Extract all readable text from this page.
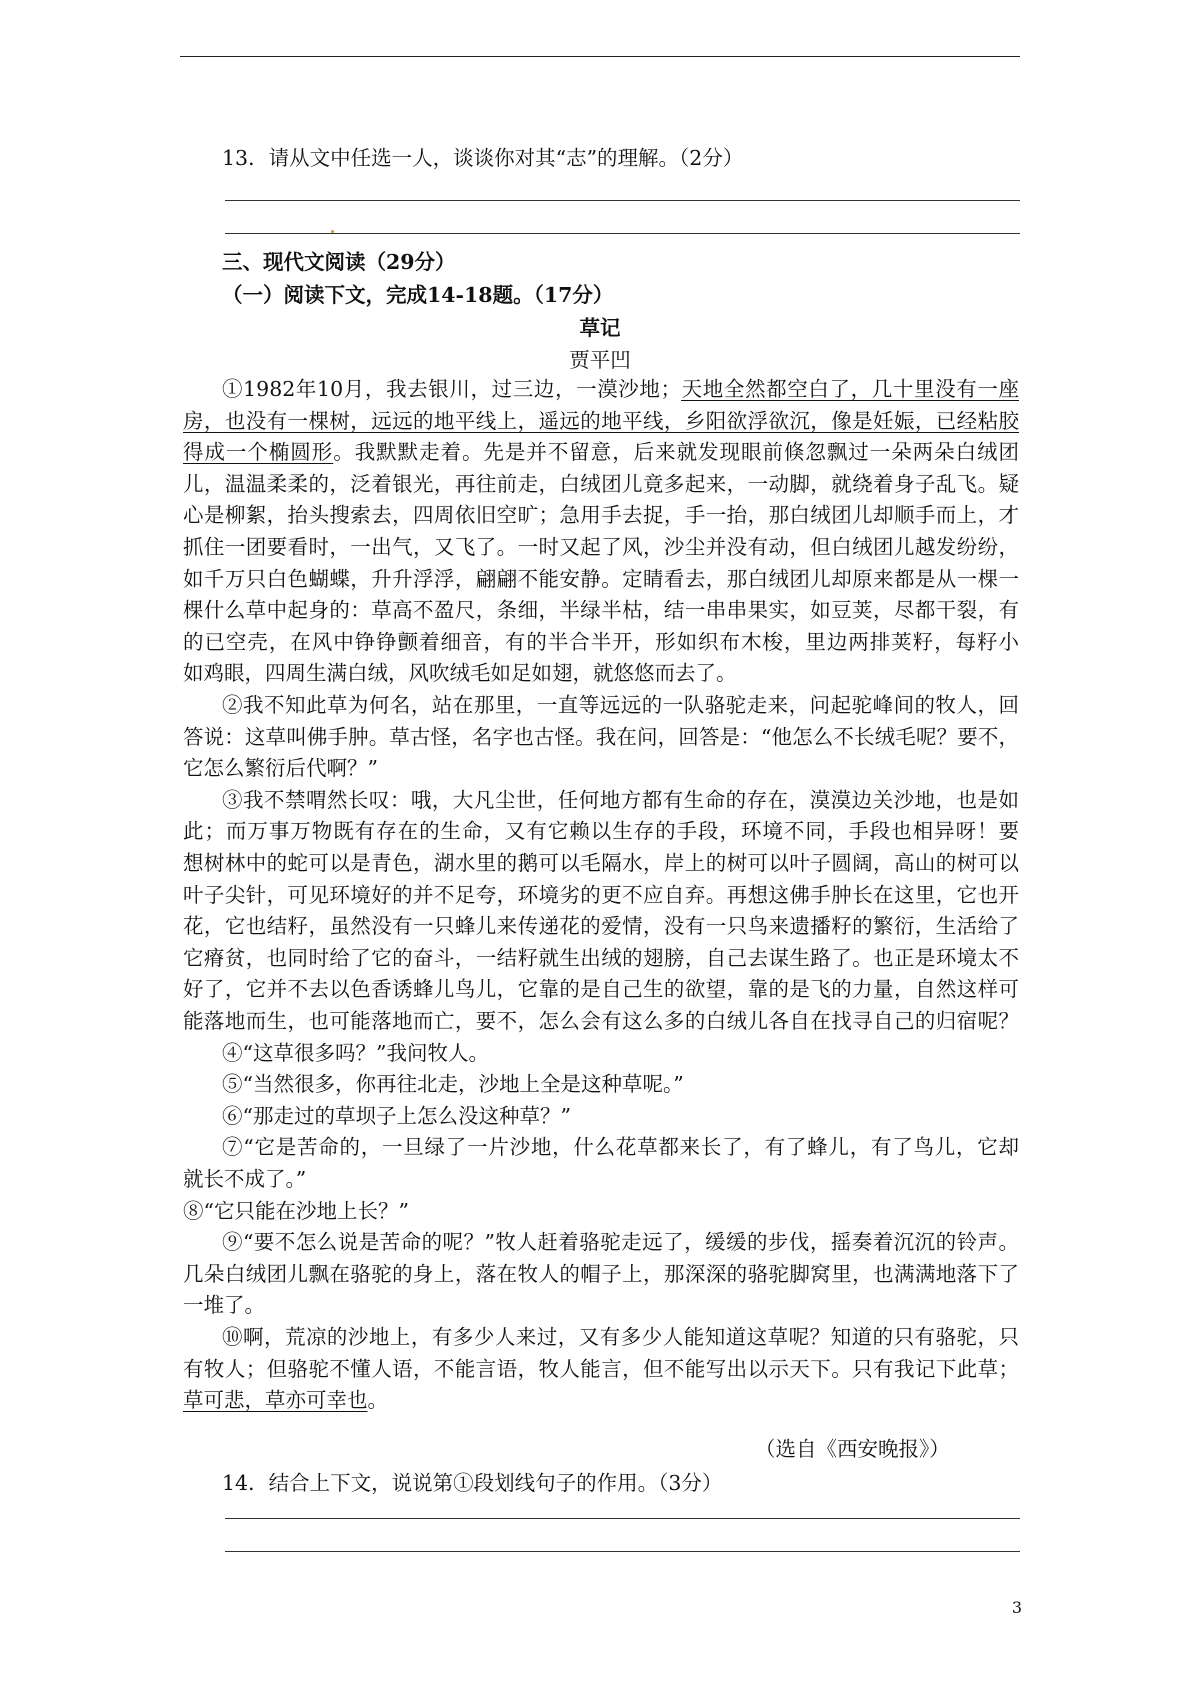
13．请从文中任选一人，谈谈你对其“志”的理解。（2分）
三、现代文阅读（29分）
（一）阅读下文，完成14-18题。（17分）
草记
贾平凹
①1982年10月，我去银川，过三边，一漠沙地；天地全然都空白了，几十里没有一座
房，也没有一棵树，远远的地平线上，遥远的地平线，乡阳欲浮欲沉，像是妊娠，已经粘胶
得成一个椭圆形。我默默走着。先是并不留意，后来就发现眼前倏忽飘过一朵两朵白绒团
儿，温温柔柔的，泛着银光，再往前走，白绒团儿竟多起来，一动脚，就绕着身子乱飞。疑
心是柳絮，抬头搜索去，四周依旧空旷；急用手去捉，手一抬，那白绒团儿却顺手而上，才
抓住一团要看时，一出气，又飞了。一时又起了风，沙尘并没有动，但白绒团儿越发纷纷，
如千万只白色蝴蝶，升升浮浮，翩翩不能安静。定睛看去，那白绒团儿却原来都是从一棵一
棵什么草中起身的：草高不盈尺，条细，半绿半枯，结一串串果实，如豆荚，尽都干裂，有
的已空壳，在风中铮铮颤着细音，有的半合半开，形如织布木梭，里边两排荚籽，每籽小
如鸡眼，四周生满白绒，风吹绒毛如足如翅，就悠悠而去了。
②我不知此草为何名，站在那里，一直等远远的一队骆驼走来，问起驼峰间的牧人，回
答说：这草叫佛手肿。草古怪，名字也古怪。我在问，回答是：“他怎么不长绒毛呢？要不，
它怎么繁衍后代啊？”
③我不禁喟然长叹：哦，大凡尘世，任何地方都有生命的存在，漠漠边关沙地，也是如
此；而万事万物既有存在的生命，又有它赖以生存的手段，环境不同，手段也相异呀！要
想树林中的蛇可以是青色，湖水里的鹅可以毛隔水，岸上的树可以叶子圆阔，高山的树可以
叶子尖针，可见环境好的并不足夸，环境劣的更不应自弃。再想这佛手肿长在这里，它也开
花，它也结籽，虽然没有一只蜂儿来传递花的爱情，没有一只鸟来遗播籽的繁衍，生活给了
它瘠贫，也同时给了它的奋斗，一结籽就生出绒的翅膀，自己去谋生路了。也正是环境太不
好了，它并不去以色香诱蜂儿鸟儿，它靠的是自己生的欲望，靠的是飞的力量，自然这样可
能落地而生，也可能落地而亡，要不，怎么会有这么多的白绒儿各自在找寻自己的归宿呢？
④“这草很多吗？”我问牧人。
⑤“当然很多，你再往北走，沙地上全是这种草呢。”
⑥“那走过的草坝子上怎么没这种草？”
⑦“它是苦命的，一旦绿了一片沙地，什么花草都来长了，有了蜂儿，有了鸟儿，它却
就长不成了。”
⑧“它只能在沙地上长？”
⑨“要不怎么说是苦命的呢？”牧人赶着骆驼走远了，缓缓的步伐，摇奏着沉沉的铃声。
几朵白绒团儿飘在骆驼的身上，落在牧人的帽子上，那深深的骆驼脚窝里，也满满地落下了
一堆了。
⑩啊，荒凉的沙地上，有多少人来过，又有多少人能知道这草呢？知道的只有骆驼，只
有牧人；但骆驼不懂人语，不能言语，牧人能言，但不能写出以示天下。只有我记下此草；
草可悲，草亦可幸也。
（选自《西安晚报》）
14．结合上下文，说说第①段划线句子的作用。（3分）
3
